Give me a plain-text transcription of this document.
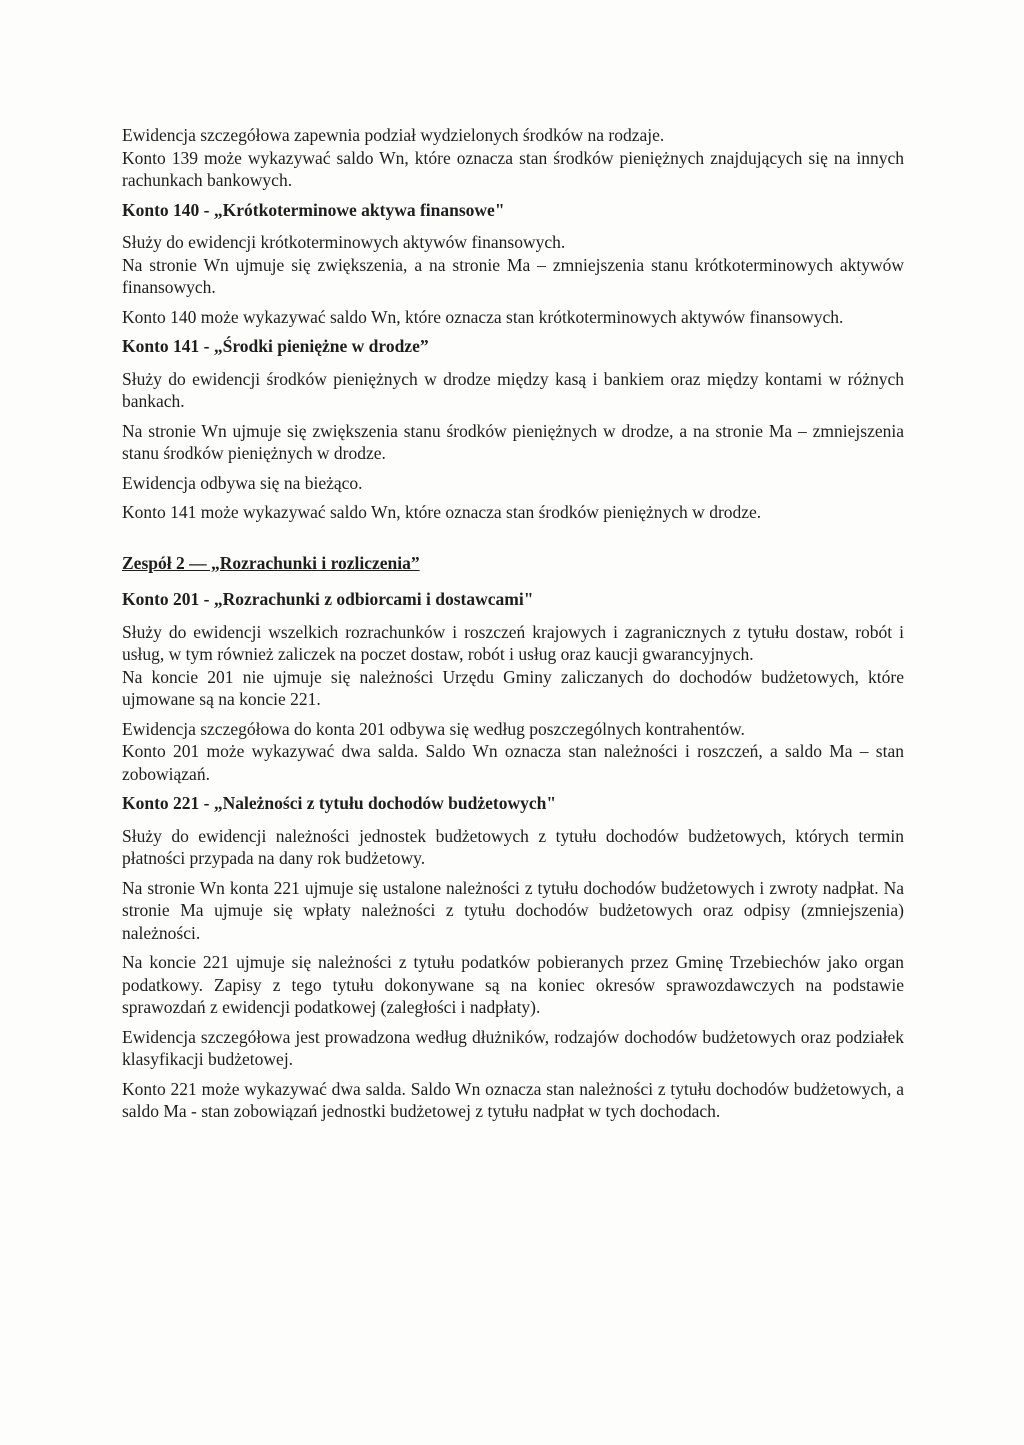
Ewidencja szczegółowa zapewnia podział wydzielonych środków na rodzaje.

Konto 139 może wykazywać saldo Wn, które oznacza stan środków pieniężnych znajdujących się na innych rachunkach bankowych.

Konto 140 - „Krótkoterminowe aktywa finansowe"

Służy do ewidencji krótkoterminowych aktywów finansowych.

Na stronie Wn ujmuje się zwiększenia, a na stronie Ma – zmniejszenia stanu krótkoterminowych aktywów finansowych.

Konto 140 może wykazywać saldo Wn, które oznacza stan krótkoterminowych aktywów finansowych.

Konto 141 - „Środki pieniężne w drodze”

Służy do ewidencji środków pieniężnych w drodze między kasą i bankiem oraz między kontami w różnych bankach.

Na stronie Wn ujmuje się zwiększenia stanu środków pieniężnych w drodze, a na stronie Ma – zmniejszenia stanu środków pieniężnych w drodze.

Ewidencja odbywa się na bieżąco.

Konto 141 może wykazywać saldo Wn, które oznacza stan środków pieniężnych w drodze.

Zespół 2 — „Rozrachunki i rozliczenia”

Konto 201 - „Rozrachunki z odbiorcami i dostawcami"

Służy do ewidencji wszelkich rozrachunków i roszczeń krajowych i zagranicznych z tytułu dostaw, robót i usług, w tym również zaliczek na poczet dostaw, robót i usług oraz kaucji gwarancyjnych.

Na koncie 201 nie ujmuje się należności Urzędu Gminy zaliczanych do dochodów budżetowych, które ujmowane są na koncie 221.

Ewidencja szczegółowa do konta 201 odbywa się według poszczególnych kontrahentów.

Konto 201 może wykazywać dwa salda. Saldo Wn oznacza stan należności i roszczeń, a saldo Ma – stan zobowiązań.

Konto 221 - „Należności z tytułu dochodów budżetowych"

Służy do ewidencji należności jednostek budżetowych z tytułu dochodów budżetowych, których termin płatności przypada na dany rok budżetowy.

Na stronie Wn konta 221 ujmuje się ustalone należności z tytułu dochodów budżetowych i zwroty nadpłat. Na stronie Ma ujmuje się wpłaty należności z tytułu dochodów budżetowych oraz odpisy (zmniejszenia) należności.

Na koncie 221 ujmuje się należności z tytułu podatków pobieranych przez Gminę Trzebiechów jako organ podatkowy. Zapisy z tego tytułu dokonywane są na koniec okresów sprawozdawczych na podstawie sprawozdań z ewidencji podatkowej (zaległości i nadpłaty).

Ewidencja szczegółowa jest prowadzona według dłużników, rodzajów dochodów budżetowych oraz podziałek klasyfikacji budżetowej.

Konto 221 może wykazywać dwa salda. Saldo Wn oznacza stan należności z tytułu dochodów budżetowych, a saldo Ma - stan zobowiązań jednostki budżetowej z tytułu nadpłat w tych dochodach.
